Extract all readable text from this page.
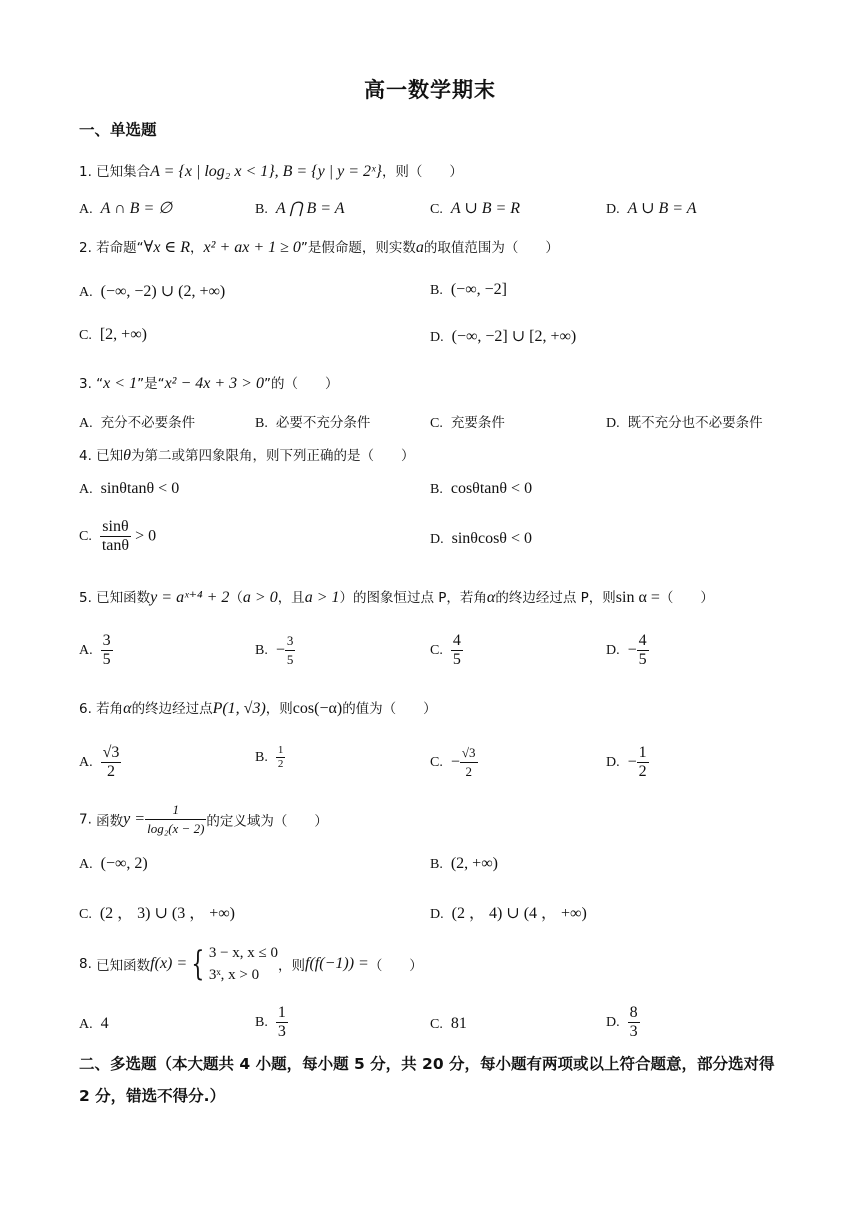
高一数学期末
一、单选题
1. 已知集合A = {x | log₂ x < 1}, B = {y | y = 2ˣ}，则（　　）
A. A ∩ B = ∅	B. A ⋂ B = A	C. A ∪ B = R	D. A ∪ B = A
2. 若命题“∀x ∈ R，x² + ax + 1 ≥ 0”是假命题，则实数a的取值范围为（　　）
A. (−∞, −2) ∪ (2, +∞)	B. (−∞, −2]
C. [2, +∞)	D. (−∞, −2] ∪ [2, +∞)
3. “x < 1”是“x² − 4x + 3 > 0”的（　　）
A. 充分不必要条件	B. 必要不充分条件	C. 充要条件	D. 既不充分也不必要条件
4. 已知θ为第二或第四象限角，则下列正确的是（　　）
A. sinθtanθ < 0	B. cosθtanθ < 0
C. $\frac{\sin\theta}{\tan\theta} > 0$	D. sinθcosθ < 0
5. 已知函数y = aˣ⁺⁴ + 2（a > 0，且a > 1）的图象恒过点 P，若角α的终边经过点 P，则sin α =（　　）
A. $\frac{3}{5}$	B. − $\frac{3}{5}$	C. $\frac{4}{5}$	D. − $\frac{4}{5}$
6. 若角α的终边经过点P(1, √3)，则cos(−α)的值为（　　）
A. $\frac{√3}{2}$	B. $\frac{1}{2}$	C. − $\frac{√3}{2}$	D. − $\frac{1}{2}$
7. 函数$y = \frac{1}{\text{log₂(x − 2)}}$ 的定义域为（　　）
A. (−∞, 2)	B. (2, +∞)
C. (2 ， 3) ∪ (3 ， +∞)	D. (2 ， 4) ∪ (4 ， +∞)
8. 已知函数f(x) = { 3 − x, x ≤ 0
3ˣ, x > 0
，则f(f(−1)) =（　　）
A. 4	B. $\frac{1}{3}$	C. 81	D. $\frac{8}{3}$
二、多选题（本大题共 4 小题，每小题 5 分，共 20 分，每小题有两项或以上符合题意，部分选对得 2 分，错选不得分.）
